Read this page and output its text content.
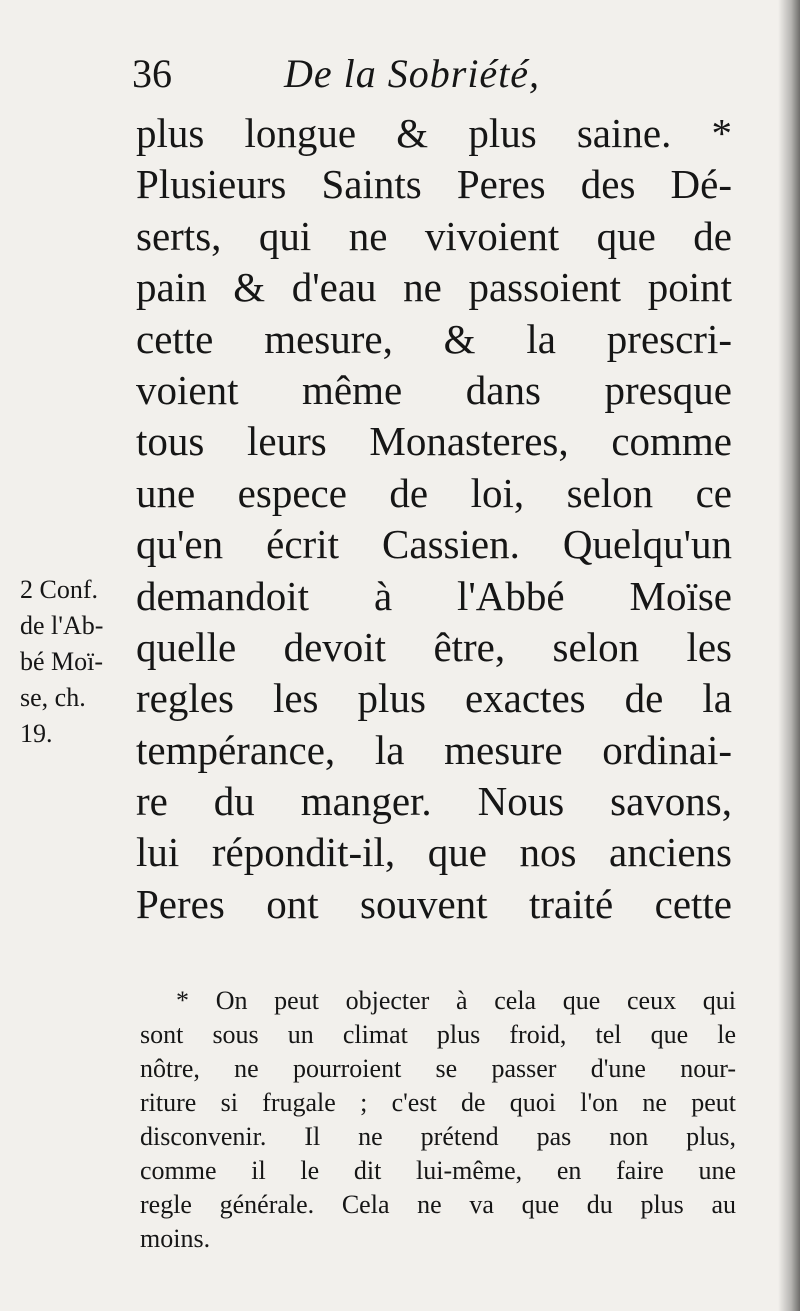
36	De la Sobriété,
plus longue & plus saine. *
Plusieurs Saints Peres des Dé-
serts, qui ne vivoient que de
pain & d'eau ne passoient point
cette mesure, & la prescri-
voient même dans presque
tous leurs Monasteres, comme
une espece de loi, selon ce
qu'en écrit Cassien. Quelqu'un
demandoit à l'Abbé Moïse
quelle devoit être, selon les
regles les plus exactes de la
tempérance, la mesure ordinai-
re du manger. Nous savons,
lui répondit-il, que nos anciens
Peres ont souvent traité cette
2 Conf.
de l'Ab-
bé Moï-
se, ch.
19.
* On peut objecter à cela que ceux qui
sont sous un climat plus froid, tel que le
nôtre, ne pourroient se passer d'une nour-
riture si frugale ; c'est de quoi l'on ne peut
disconvenir. Il ne prétend pas non plus,
comme il le dit lui-même, en faire une
regle générale. Cela ne va que du plus au
moins.
